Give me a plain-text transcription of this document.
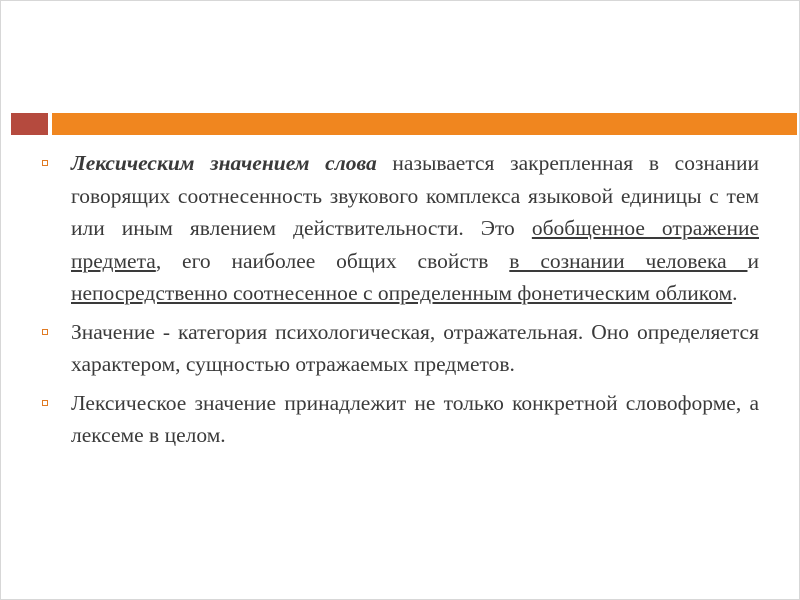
Лексическим значением слова называется закрепленная в сознании говорящих соотнесенность звукового комплекса языковой единицы с тем или иным явлением действительности. Это обобщенное отражение предмета, его наиболее общих свойств в сознании человека и непосредственно соотнесенное с определенным фонетическим обликом.
Значение - категория психологическая, отражательная. Оно определяется характером, сущностью отражаемых предметов.
Лексическое значение принадлежит не только конкретной словоформе, а лексеме в целом.
